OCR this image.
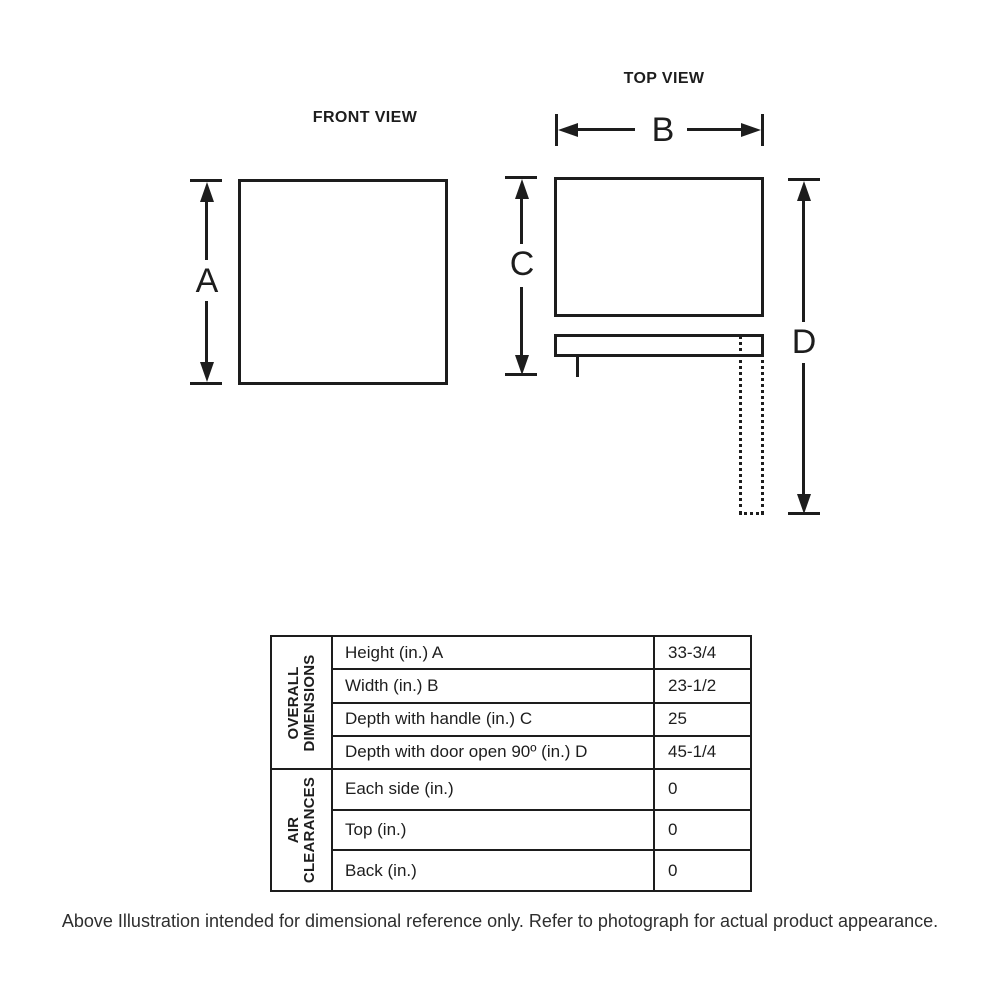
FRONT VIEW
A
TOP VIEW
B
C
D
OVERALL DIMENSIONS
Height (in.) A	33-3/4
Width (in.) B	23-1/2
Depth with handle (in.) C	25
Depth with door open 90º (in.) D	45-1/4
AIR CLEARANCES	Each side (in.)	0
Top (in.)	0
Back (in.)	0
Above Illustration intended for dimensional reference only. Refer to photograph for actual product appearance.
